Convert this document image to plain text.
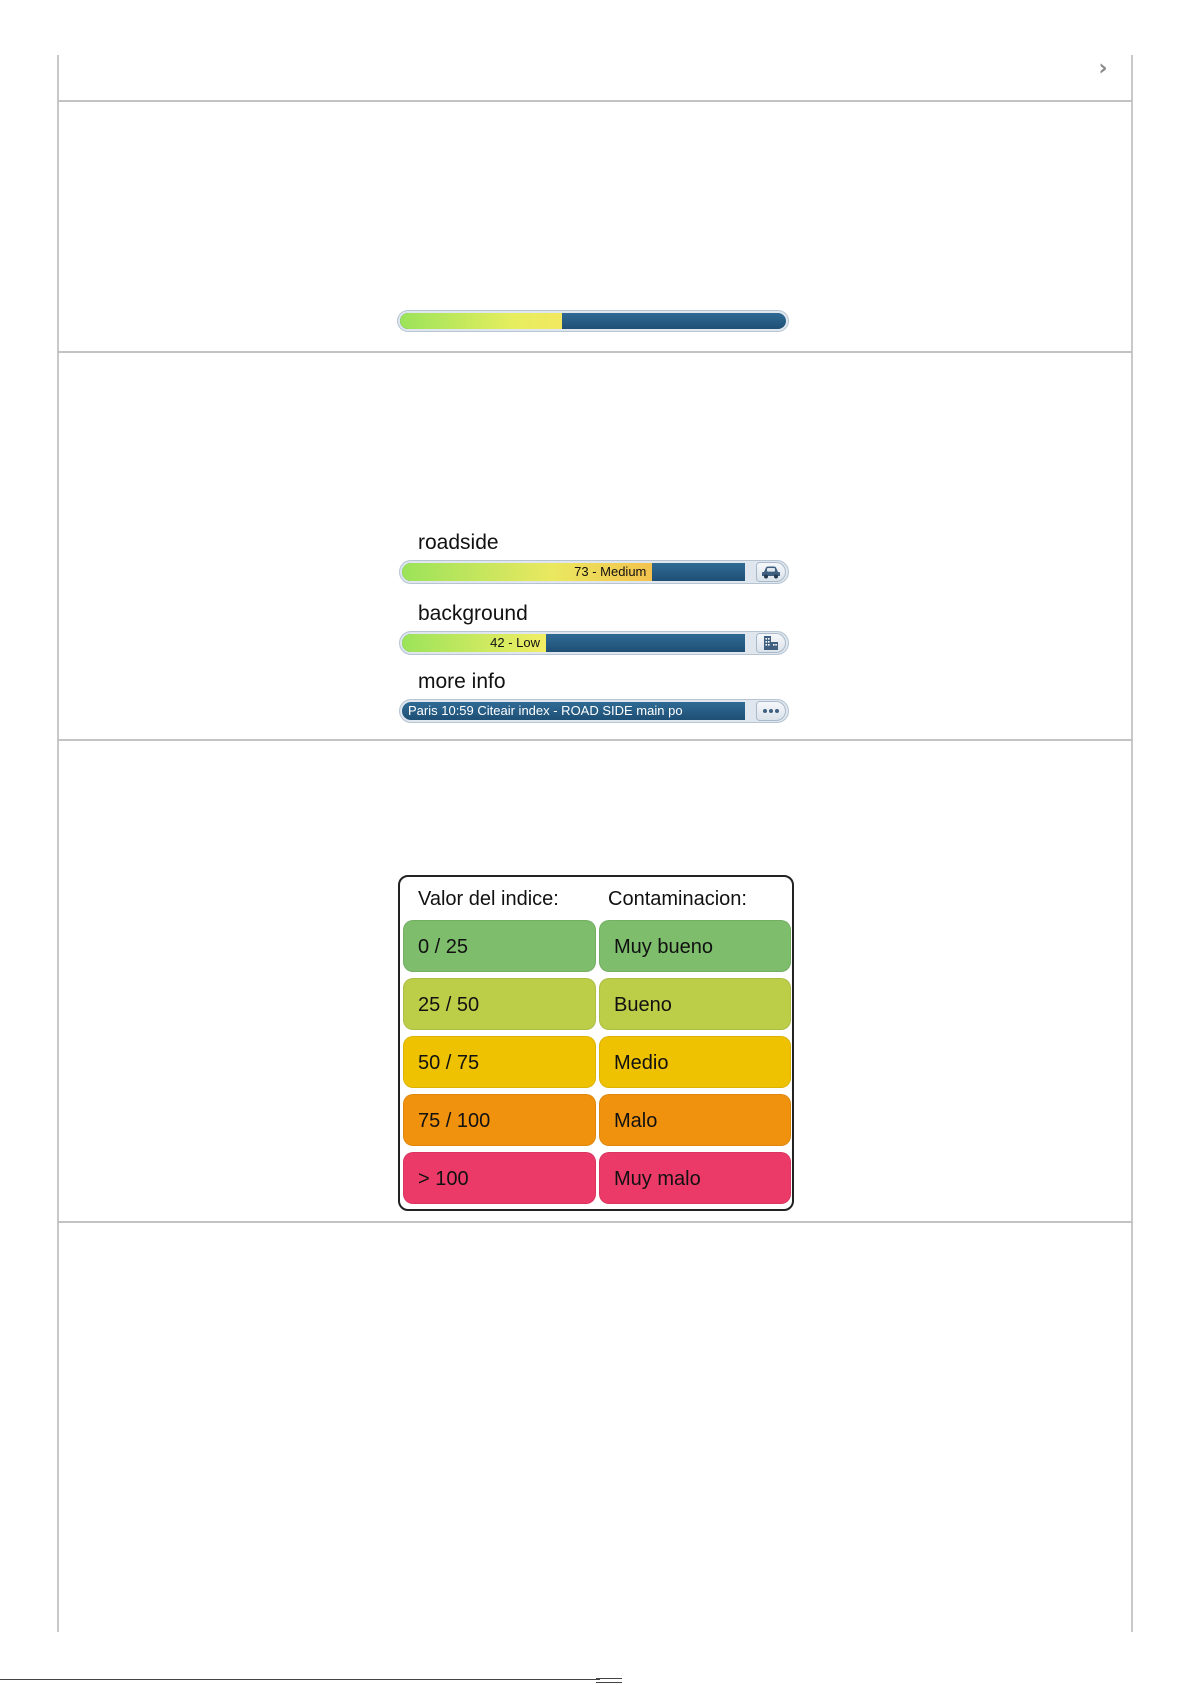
›
roadside
73 - Medium
background
42 - Low
more info
Paris 10:59 Citeair index - ROAD SIDE main po
Valor del indice: Contaminacion:
0 / 25	Muy bueno
25 / 50	Bueno
50 / 75	Medio
75 / 100	Malo
> 100	Muy malo
